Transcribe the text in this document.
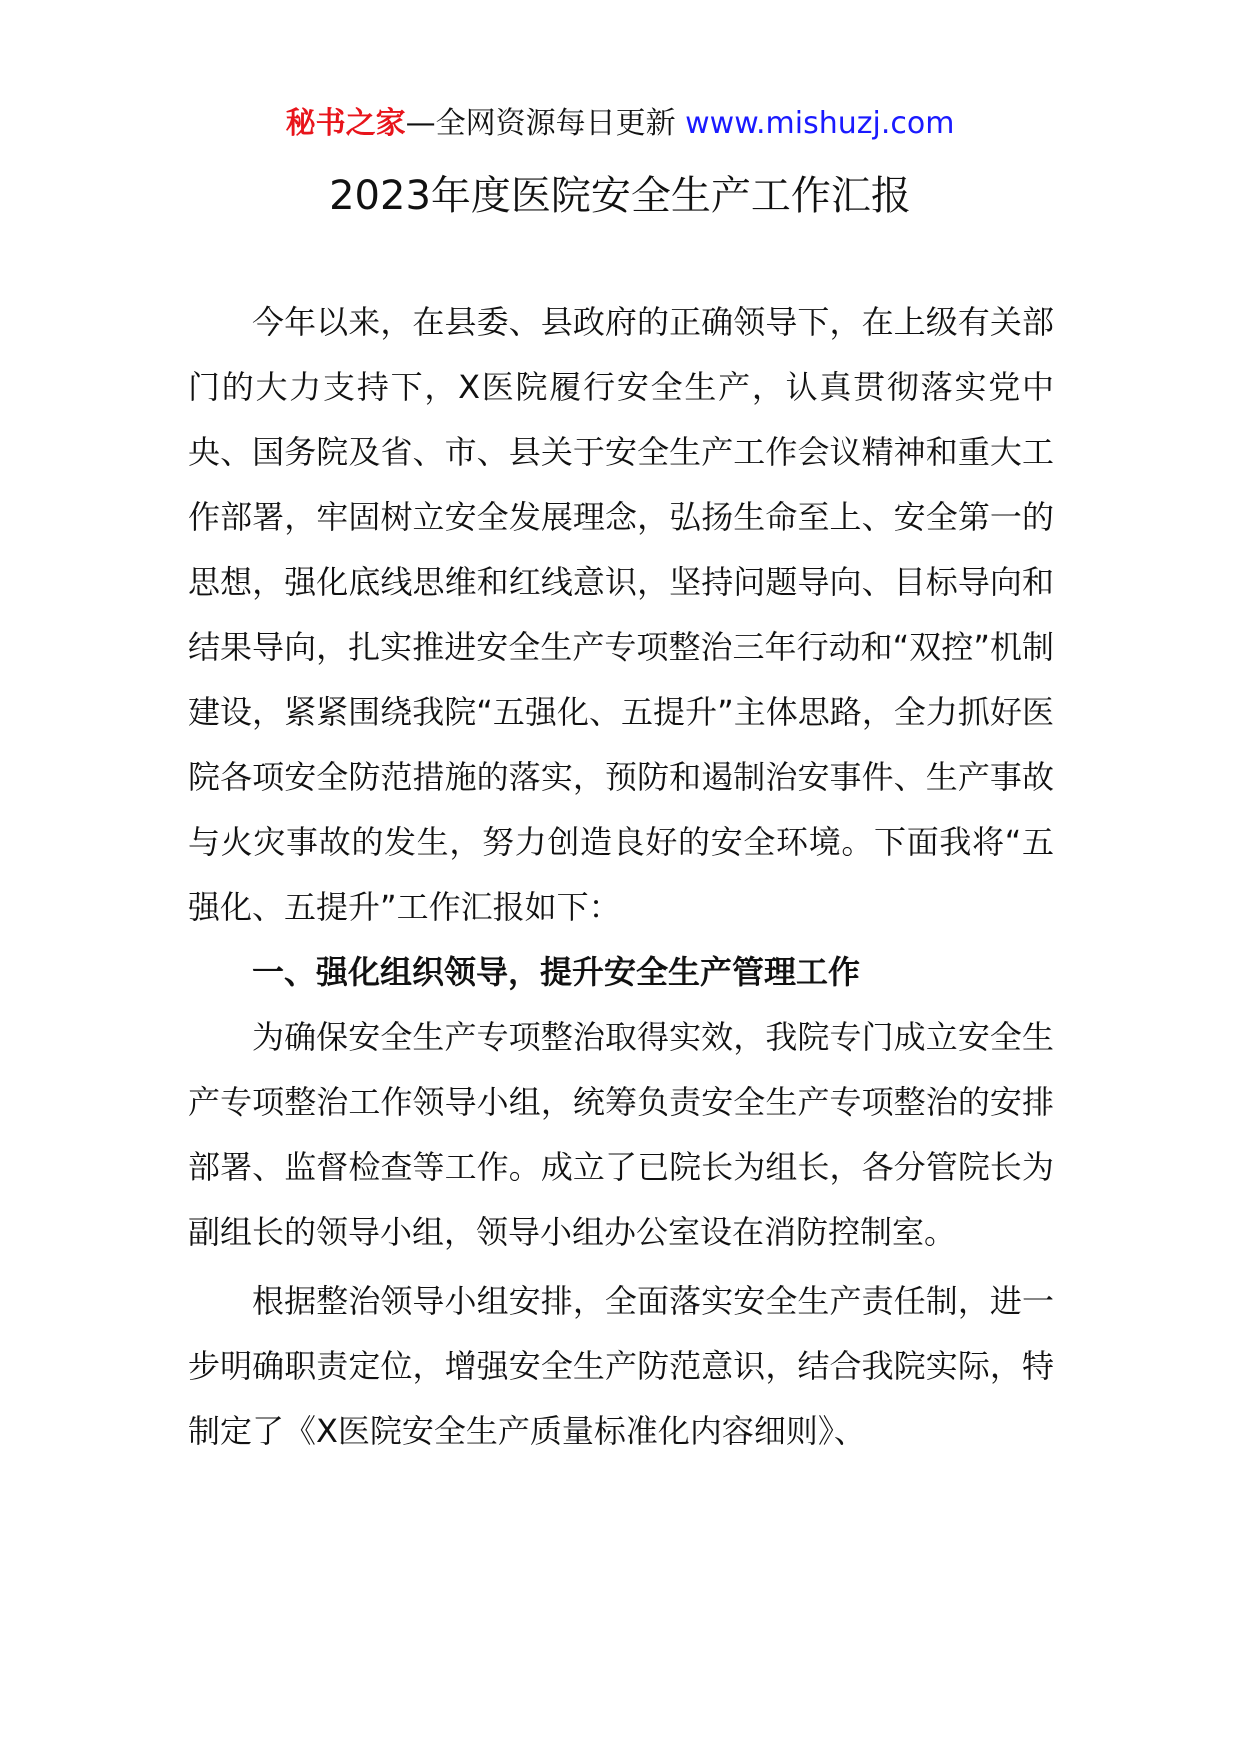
秘书之家—全网资源每日更新 www.mishuzj.com
2023年度医院安全生产工作汇报

今年以来，在县委、县政府的正确领导下，在上级有关部门的大力支持下，X医院履行安全生产，认真贯彻落实党中央、国务院及省、市、县关于安全生产工作会议精神和重大工作部署，牢固树立安全发展理念，弘扬生命至上、安全第一的思想，强化底线思维和红线意识，坚持问题导向、目标导向和结果导向，扎实推进安全生产专项整治三年行动和“双控”机制建设，紧紧围绕我院“五强化、五提升”主体思路，全力抓好医院各项安全防范措施的落实，预防和遏制治安事件、生产事故与火灾事故的发生，努力创造良好的安全环境。下面我将“五强化、五提升”工作汇报如下：

一、强化组织领导，提升安全生产管理工作

为确保安全生产专项整治取得实效，我院专门成立安全生产专项整治工作领导小组，统筹负责安全生产专项整治的安排部署、监督检查等工作。成立了已院长为组长，各分管院长为副组长的领导小组，领导小组办公室设在消防控制室。

根据整治领导小组安排，全面落实安全生产责任制，进一步明确职责定位，增强安全生产防范意识，结合我院实际，特制定了《X医院安全生产质量标准化内容细则》、
